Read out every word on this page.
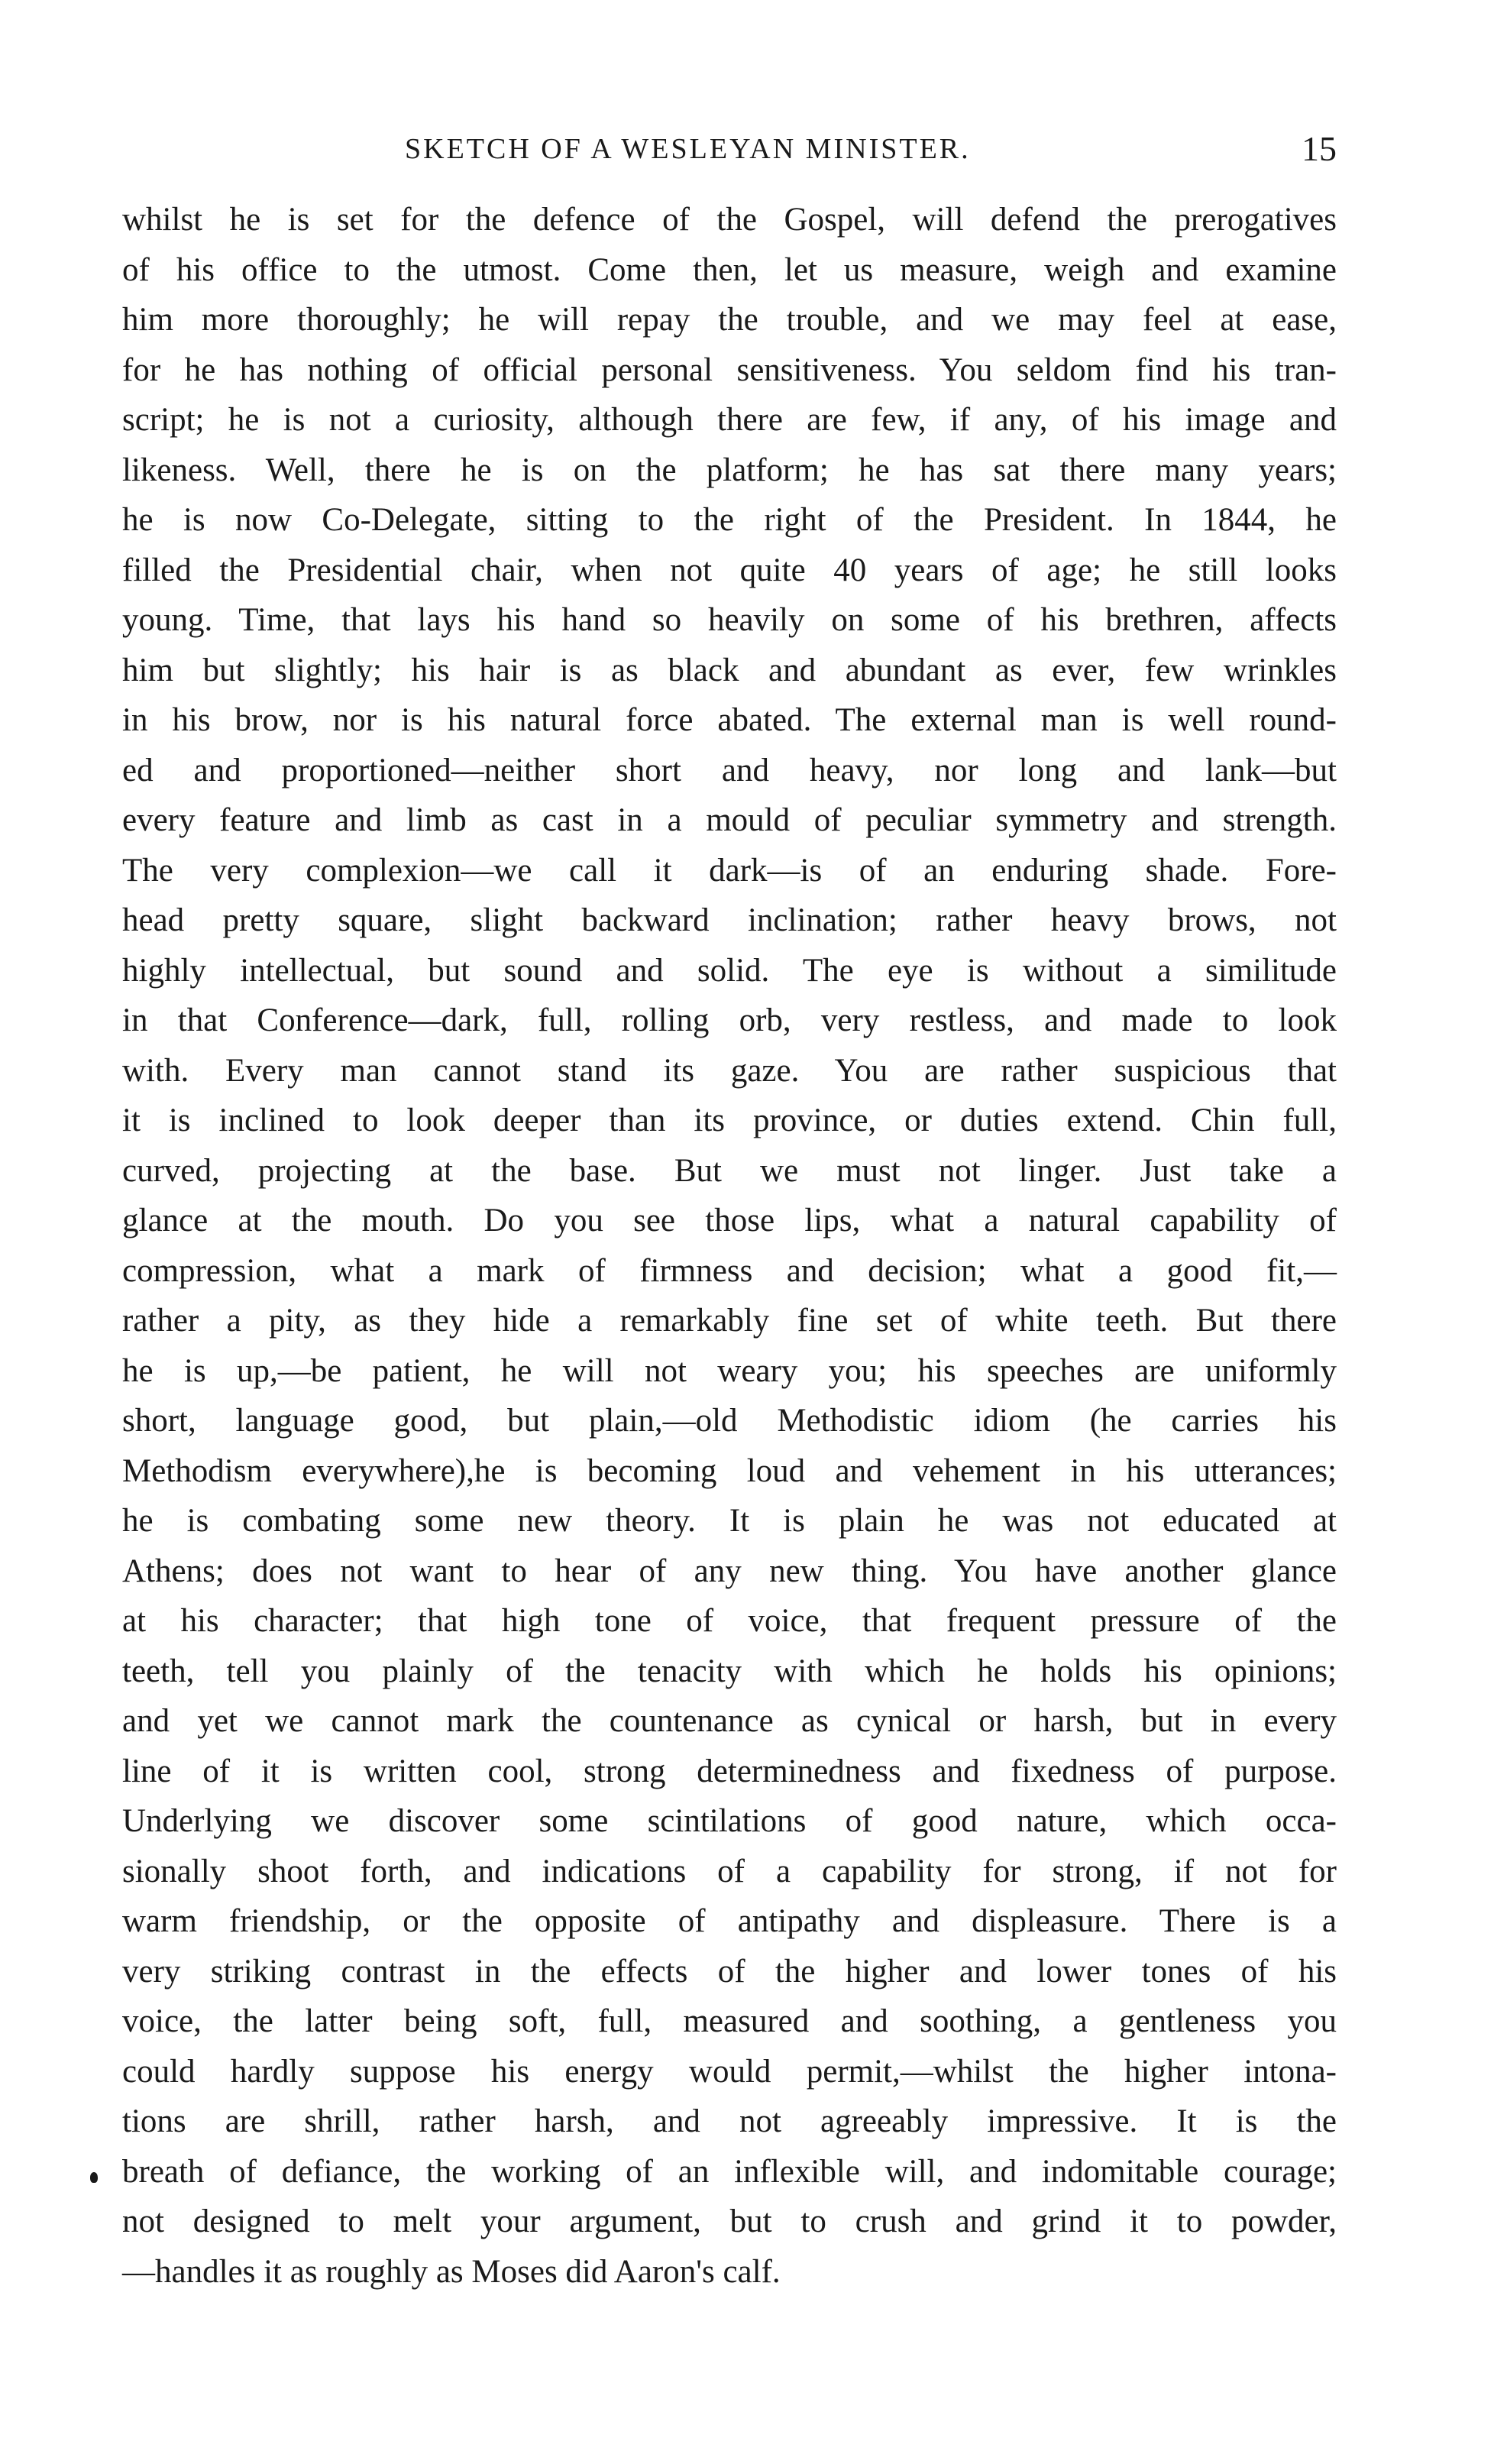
SKETCH OF A WESLEYAN MINISTER.	15
whilst he is set for the defence of the Gospel, will defend the prerogatives
of his office to the utmost. Come then, let us measure, weigh and examine
him more thoroughly; he will repay the trouble, and we may feel at ease,
for he has nothing of official personal sensitiveness. You seldom find his tran-
script; he is not a curiosity, although there are few, if any, of his image and
likeness. Well, there he is on the platform; he has sat there many years;
he is now Co-Delegate, sitting to the right of the President. In 1844, he
filled the Presidential chair, when not quite 40 years of age; he still looks
young. Time, that lays his hand so heavily on some of his brethren, affects
him but slightly; his hair is as black and abundant as ever, few wrinkles
in his brow, nor is his natural force abated. The external man is well round-
ed and proportioned—neither short and heavy, nor long and lank—but
every feature and limb as cast in a mould of peculiar symmetry and strength.
The very complexion—we call it dark—is of an enduring shade. Fore-
head pretty square, slight backward inclination; rather heavy brows, not
highly intellectual, but sound and solid. The eye is without a similitude
in that Conference—dark, full, rolling orb, very restless, and made to look
with. Every man cannot stand its gaze. You are rather suspicious that
it is inclined to look deeper than its province, or duties extend. Chin full,
curved, projecting at the base. But we must not linger. Just take a
glance at the mouth. Do you see those lips, what a natural capability of
compression, what a mark of firmness and decision; what a good fit,—
rather a pity, as they hide a remarkably fine set of white teeth. But there
he is up,—be patient, he will not weary you; his speeches are uniformly
short, language good, but plain,—old Methodistic idiom (he carries his
Methodism everywhere),he is becoming loud and vehement in his utterances;
he is combating some new theory. It is plain he was not educated at
Athens; does not want to hear of any new thing. You have another glance
at his character; that high tone of voice, that frequent pressure of the
teeth, tell you plainly of the tenacity with which he holds his opinions;
and yet we cannot mark the countenance as cynical or harsh, but in every
line of it is written cool, strong determinedness and fixedness of purpose.
Underlying we discover some scintilations of good nature, which occa-
sionally shoot forth, and indications of a capability for strong, if not for
warm friendship, or the opposite of antipathy and displeasure. There is a
very striking contrast in the effects of the higher and lower tones of his
voice, the latter being soft, full, measured and soothing, a gentleness you
could hardly suppose his energy would permit,—whilst the higher intona-
tions are shrill, rather harsh, and not agreeably impressive. It is the
breath of defiance, the working of an inflexible will, and indomitable courage;
not designed to melt your argument, but to crush and grind it to powder,
—handles it as roughly as Moses did Aaron's calf.
